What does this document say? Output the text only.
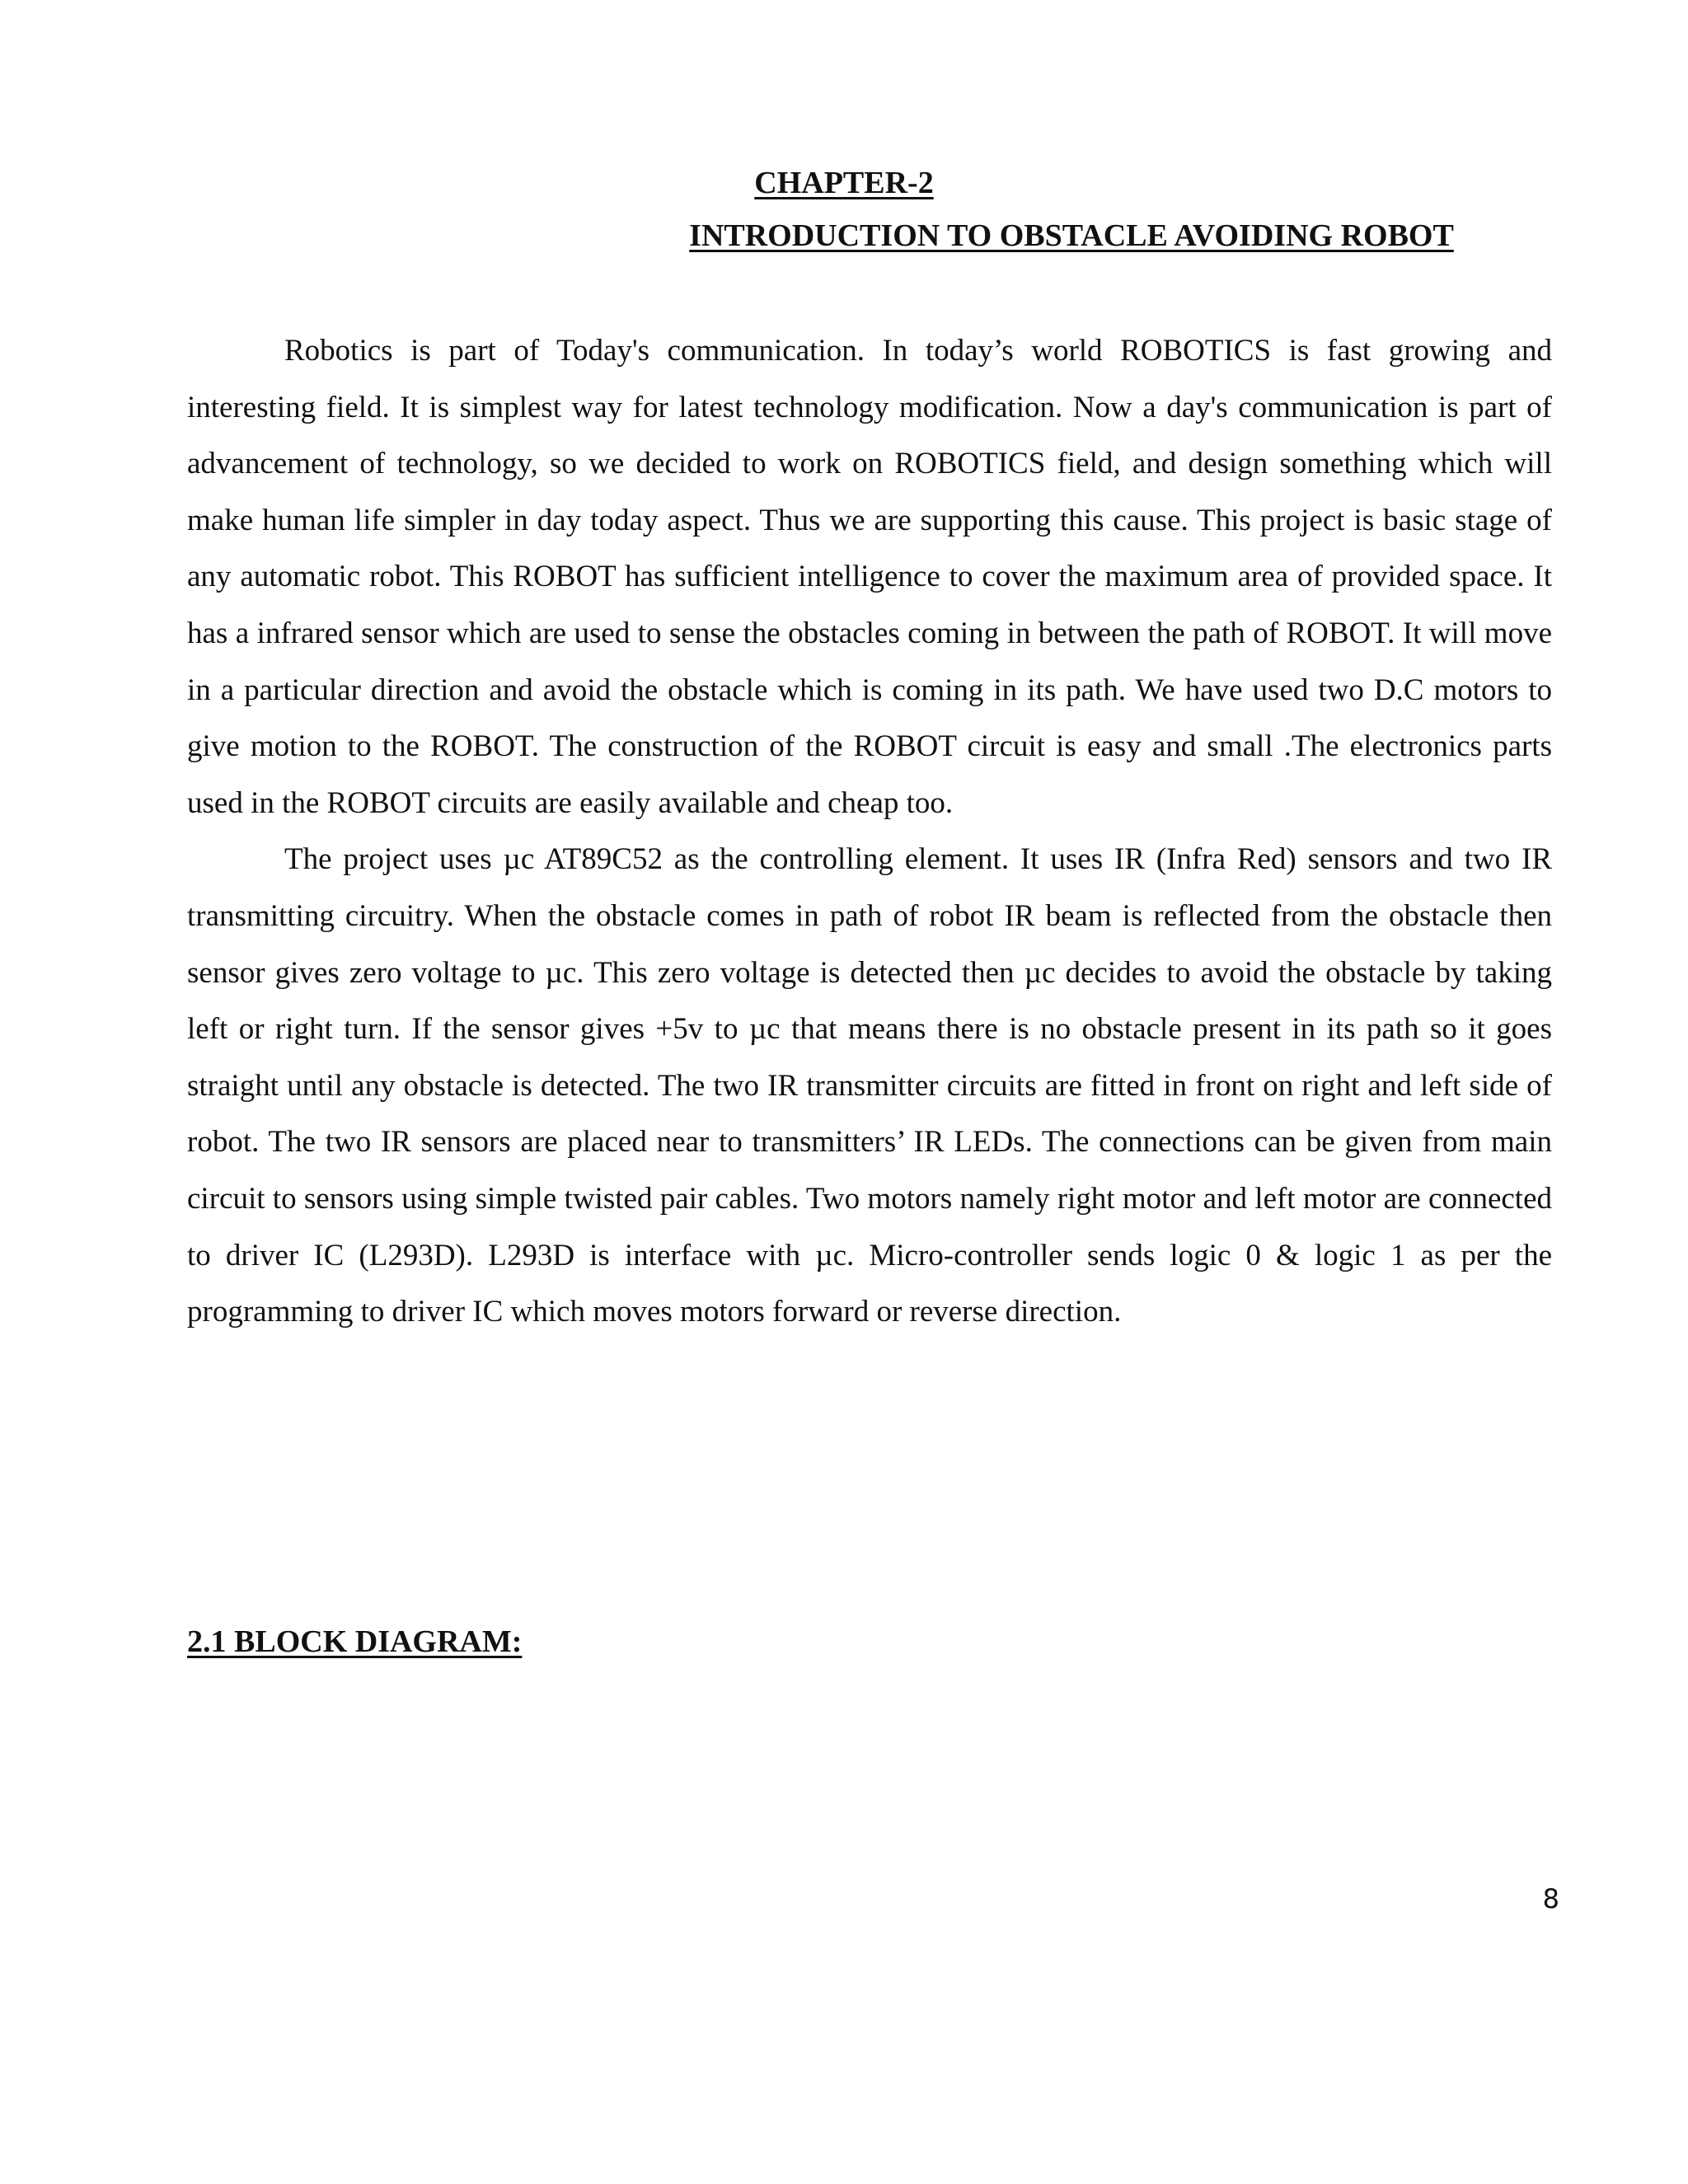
CHAPTER-2
INTRODUCTION TO OBSTACLE AVOIDING ROBOT

Robotics is part of Today's communication. In today’s world ROBOTICS is fast growing and interesting field. It is simplest way for latest technology modification. Now a day's communication is part of advancement of technology, so we decided to work on ROBOTICS field, and design something which will make human life simpler in day today aspect. Thus we are supporting this cause. This project is basic stage of any automatic robot. This ROBOT has sufficient intelligence to cover the maximum area of provided space. It has a infrared sensor which are used to sense the obstacles coming in between the path of ROBOT. It will move in a particular direction and avoid the obstacle which is coming in its path. We have used two D.C motors to give motion to the ROBOT. The construction of the ROBOT circuit is easy and small .The electronics parts used in the ROBOT circuits are easily available and cheap too.

The project uses µc AT89C52 as the controlling element. It uses IR (Infra Red) sensors and two IR transmitting circuitry. When the obstacle comes in path of robot IR beam is reflected from the obstacle then sensor gives zero voltage to µc. This zero voltage is detected then µc decides to avoid the obstacle by taking left or right turn. If the sensor gives +5v to µc that means there is no obstacle present in its path so it goes straight until any obstacle is detected. The two IR transmitter circuits are fitted in front on right and left side of robot. The two IR sensors are placed near to transmitters’ IR LEDs. The connections can be given from main circuit to sensors using simple twisted pair cables. Two motors namely right motor and left motor are connected to driver IC (L293D). L293D is interface with µc. Micro-controller sends logic 0 & logic 1 as per the programming to driver IC which moves motors forward or reverse direction.

2.1 BLOCK DIAGRAM:
8
